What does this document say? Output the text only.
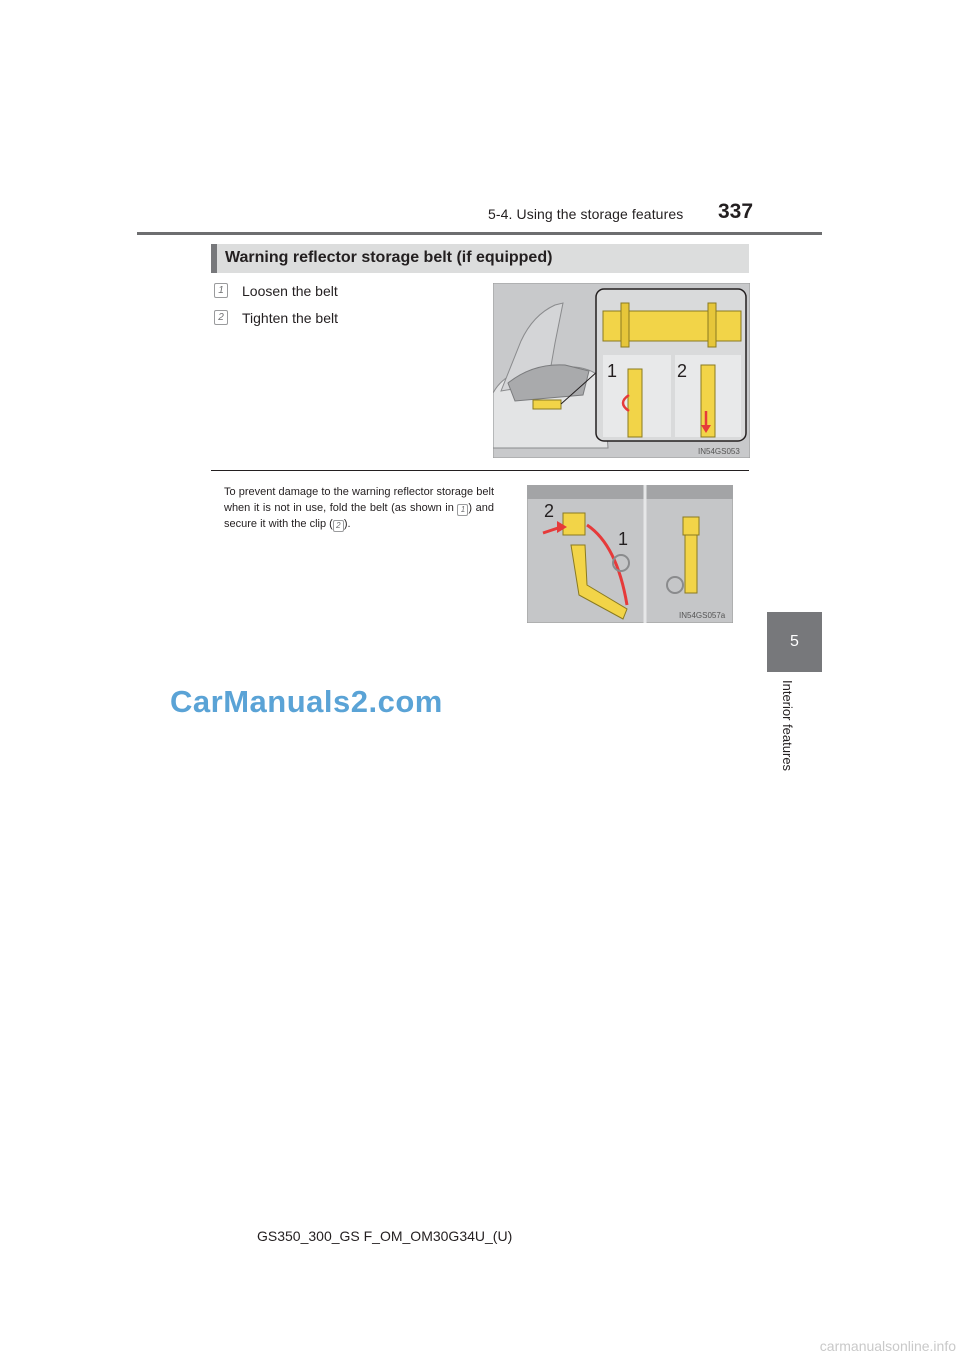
5-4. Using the storage features 337
5
Interior features
Warning reflector storage belt (if equipped)
1	Loosen the belt
2	Tighten the belt
1	2
IN54GS053
To prevent damage to the warning reflector storage belt when it is not in use, fold the belt (as shown in 1 ) and secure it with the clip ( 2 ).
2
1
IN54GS057a
CarManuals2.com
GS350_300_GS F_OM_OM30G34U_(U)
carmanualsonline.info
